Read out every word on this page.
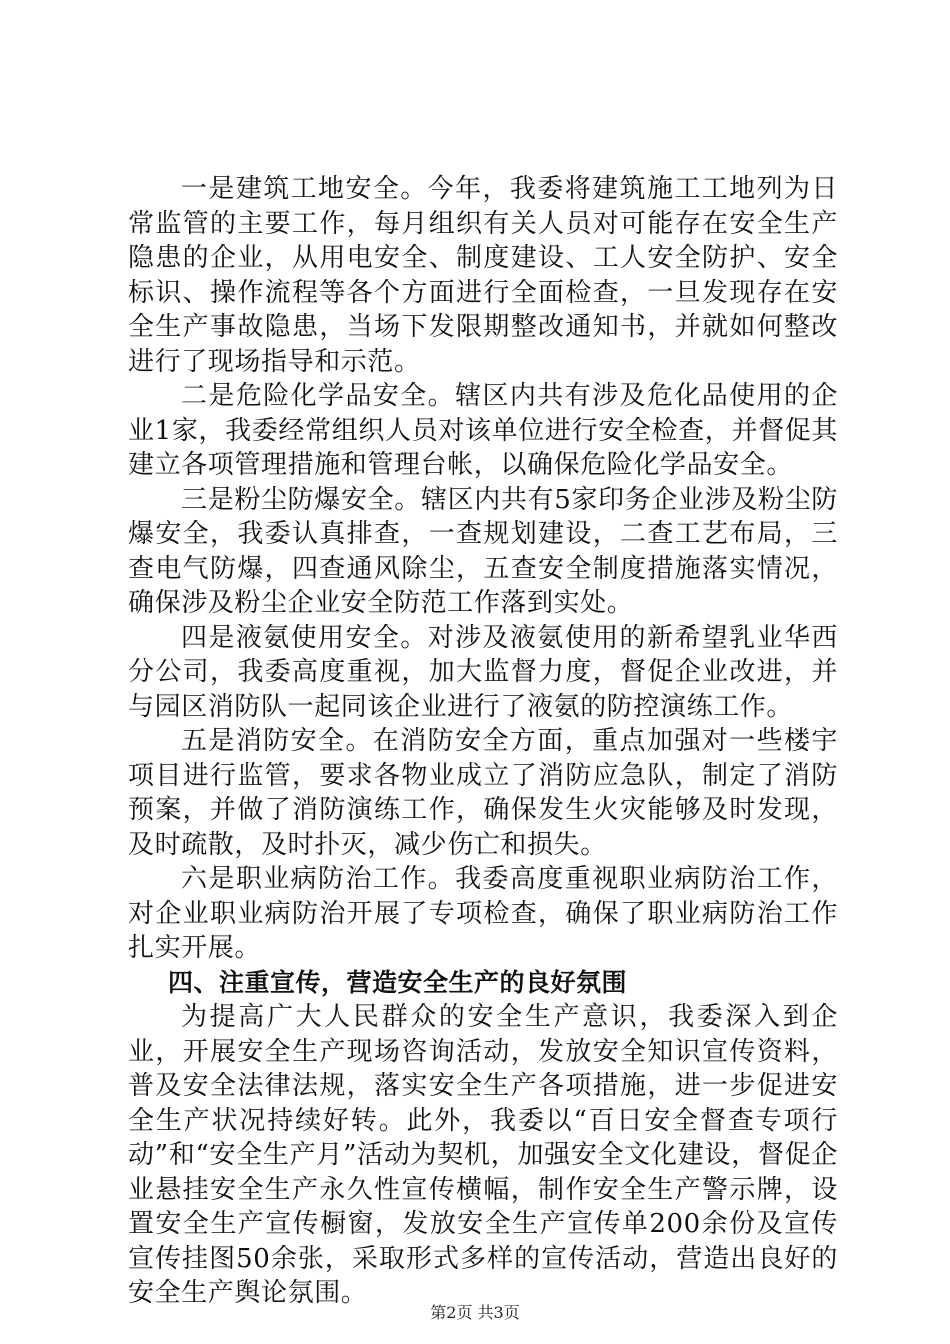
一是建筑工地安全。今年，我委将建筑施工工地列为日常监管的主要工作，每月组织有关人员对可能存在安全生产隐患的企业，从用电安全、制度建设、工人安全防护、安全标识、操作流程等各个方面进行全面检查，一旦发现存在安全生产事故隐患，当场下发限期整改通知书，并就如何整改进行了现场指导和示范。

二是危险化学品安全。辖区内共有涉及危化品使用的企业1家，我委经常组织人员对该单位进行安全检查，并督促其建立各项管理措施和管理台帐，以确保危险化学品安全。

三是粉尘防爆安全。辖区内共有5家印务企业涉及粉尘防爆安全，我委认真排查，一查规划建设，二查工艺布局，三查电气防爆，四查通风除尘，五查安全制度措施落实情况，确保涉及粉尘企业安全防范工作落到实处。

四是液氨使用安全。对涉及液氨使用的新希望乳业华西分公司，我委高度重视，加大监督力度，督促企业改进，并与园区消防队一起同该企业进行了液氨的防控演练工作。

五是消防安全。在消防安全方面，重点加强对一些楼宇项目进行监管，要求各物业成立了消防应急队，制定了消防预案，并做了消防演练工作，确保发生火灾能够及时发现，及时疏散，及时扑灭，减少伤亡和损失。

六是职业病防治工作。我委高度重视职业病防治工作，对企业职业病防治开展了专项检查，确保了职业病防治工作扎实开展。

四、注重宣传，营造安全生产的良好氛围

为提高广大人民群众的安全生产意识，我委深入到企业，开展安全生产现场咨询活动，发放安全知识宣传资料，普及安全法律法规，落实安全生产各项措施，进一步促进安全生产状况持续好转。此外，我委以“百日安全督查专项行动”和“安全生产月”活动为契机，加强安全文化建设，督促企业悬挂安全生产永久性宣传横幅，制作安全生产警示牌，设置安全生产宣传橱窗，发放安全生产宣传单200余份及宣传宣传挂图50余张，采取形式多样的宣传活动，营造出良好的安全生产舆论氛围。

第2页 共3页
